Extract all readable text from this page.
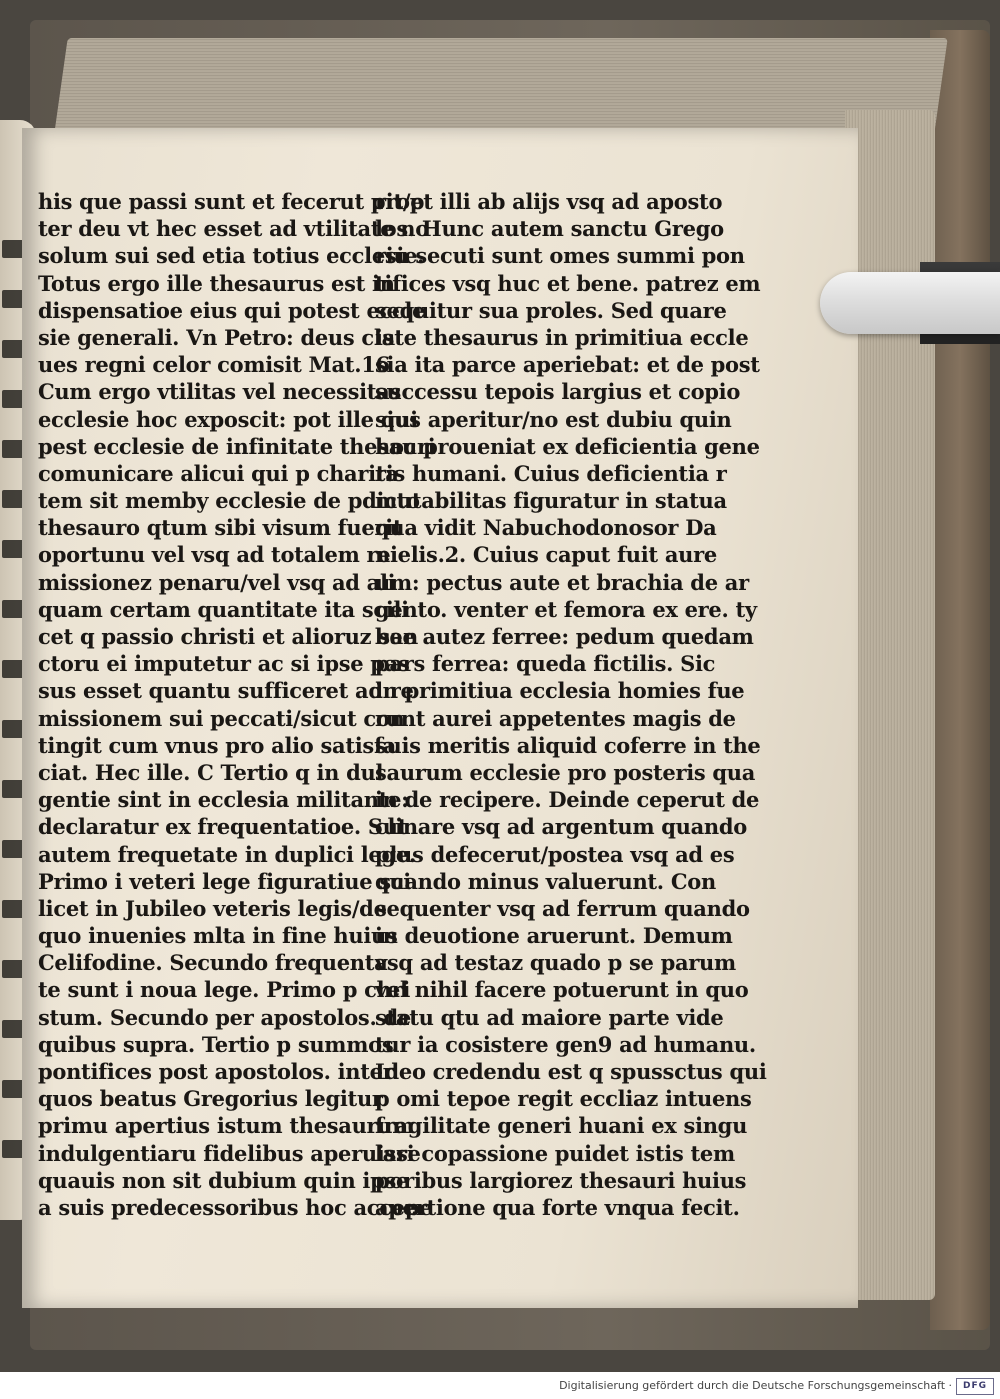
his que passi sunt et fecerut prop
ter deu vt hec esset ad vtilitate no
solum sui sed etia totius ecclesie.
Totus ergo ille thesaurus est in
dispensatioe eius qui potest eccle
sie generali. Vn Petro: deus cla
ues regni celor comisit Mat.16
Cum ergo vtilitas vel necessitas
ecclesie hoc exposcit: pot ille qui
pest ecclesie de infinitate thesauri
comunicare alicui qui p charita
tem sit memby ecclesie de pdicto
thesauro qtum sibi visum fuerit
oportunu vel vsq ad totalem re
missionez penaru/vel vsq ad ali
quam certam quantitate ita scili
cet q passio christi et alioruz san
ctoru ei imputetur ac si ipse pas
sus esset quantu sufficeret ad re
missionem sui peccati/sicut con
tingit cum vnus pro alio satisfa
ciat. Hec ille. C Tertio q in dul
gentie sint in ecclesia militante:
declaratur ex frequentatioe. Sut
autem frequetate in duplici lege.
Primo i veteri lege figuratiue sci
licet in Jubileo veteris legis/de
quo inuenies mlta in fine huius
Celifodine. Secundo frequenta
te sunt i noua lege. Primo p chri
stum. Secundo per apostolos. de
quibus supra. Tertio p summos
pontifices post apostolos. inter
quos beatus Gregorius legitur
primu apertius istum thesaurum
indulgentiaru fidelibus aperuisse
quauis non sit dubium quin ipse
a suis predecessoribus hoc accepe
rit/et illi ab alijs vsq ad aposto
los. Hunc autem sanctu Grego
riu secuti sunt omes summi pon
tifices vsq huc et bene. patrez em
sequitur sua proles. Sed quare
iste thesaurus in primitiua eccle
sia ita parce aperiebat: et de post
successu tepois largius et copio
sius aperitur/no est dubiu quin
hoc proueniat ex deficientia gene
ris humani. Cuius deficientia r
mutabilitas figuratur in statua
qua vidit Nabuchodonosor Da
nielis.2. Cuius caput fuit aure
um: pectus aute et brachia de ar
gento. venter et femora ex ere. ty
bee autez ferree: pedum quedam
pars ferrea: queda fictilis. Sic
in primitiua ecclesia homies fue
runt aurei appetentes magis de
suis meritis aliquid coferre in the
saurum ecclesie pro posteris qua
in de recipere. Deinde ceperut de
clinare vsq ad argentum quando
plus defecerut/postea vsq ad es
quando minus valuerunt. Con
sequenter vsq ad ferrum quando
in deuotione aruerunt. Demum
vsq ad testaz quado p se parum
vel nihil facere potuerunt in quo
statu qtu ad maiore parte vide
tur ia cosistere gen9 ad humanu.
Ideo credendu est q spussctus qui
p omi tepoe regit eccliaz intuens
fragilitate generi huani ex singu
lari copassione puidet istis tem
poribus largiorez thesauri huius
apertione qua forte vnqua fecit.
Digitalisierung gefördert durch die Deutsche Forschungsgemeinschaft ·	DFG
